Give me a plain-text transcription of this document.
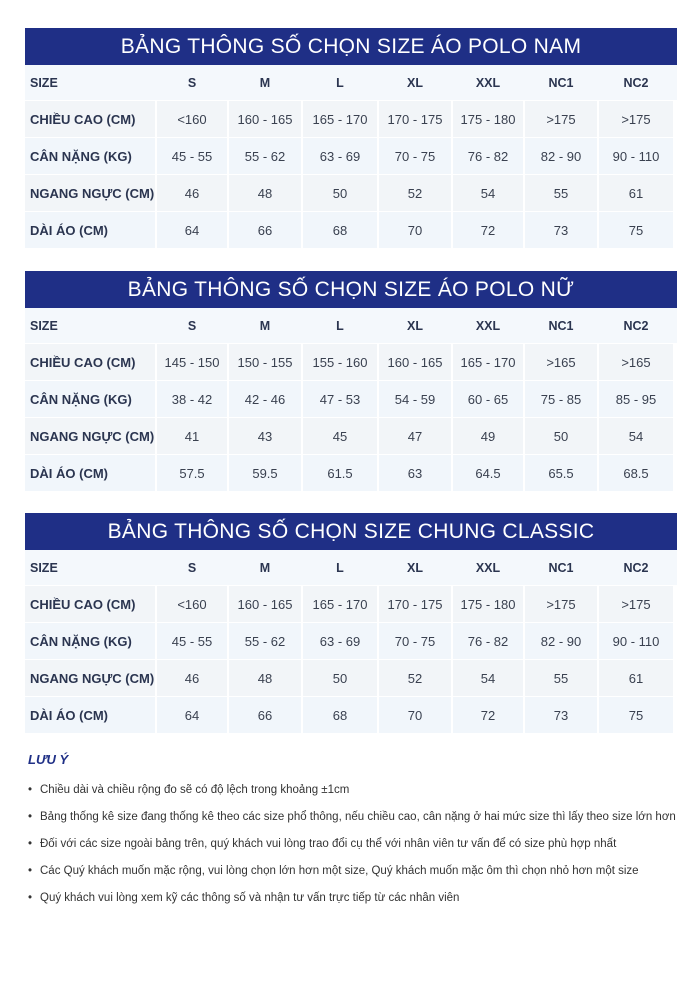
BẢNG THÔNG SỐ CHỌN SIZE ÁO POLO NAM
SIZE	S	M	L	XL	XXL	NC1	NC2
CHIỀU CAO (CM)	<160	160 - 165	165 - 170	170 - 175	175 - 180	>175	>175
CÂN NẶNG (KG)	45 - 55	55 - 62	63 - 69	70 - 75	76 - 82	82 - 90	90 - 110
NGANG NGỰC (CM)	46	48	50	52	54	55	61
DÀI ÁO (CM)	64	66	68	70	72	73	75
BẢNG THÔNG SỐ CHỌN SIZE ÁO POLO NỮ
SIZE	S	M	L	XL	XXL	NC1	NC2
CHIỀU CAO (CM)	145 - 150	150 - 155	155 - 160	160 - 165	165 - 170	>165	>165
CÂN NẶNG (KG)	38 - 42	42 - 46	47 - 53	54 - 59	60 - 65	75 - 85	85 - 95
NGANG NGỰC (CM)	41	43	45	47	49	50	54
DÀI ÁO (CM)	57.5	59.5	61.5	63	64.5	65.5	68.5
BẢNG THÔNG SỐ CHỌN SIZE CHUNG CLASSIC
SIZE	S	M	L	XL	XXL	NC1	NC2
CHIỀU CAO (CM)	<160	160 - 165	165 - 170	170 - 175	175 - 180	>175	>175
CÂN NẶNG (KG)	45 - 55	55 - 62	63 - 69	70 - 75	76 - 82	82 - 90	90 - 110
NGANG NGỰC (CM)	46	48	50	52	54	55	61
DÀI ÁO (CM)	64	66	68	70	72	73	75
LƯU Ý
• Chiều dài và chiều rộng đo sẽ có độ lệch trong khoảng ±1cm
• Bảng thống kê size đang thống kê theo các size phổ thông, nếu chiều cao, cân nặng ở hai mức size thì lấy theo size lớn hơn
• Đối với các size ngoài bảng trên, quý khách vui lòng trao đổi cụ thể với nhân viên tư vấn để có size phù hợp nhất
• Các Quý khách muốn mặc rộng, vui lòng chọn lớn hơn một size, Quý khách muốn mặc ôm thì chọn nhỏ hơn một size
• Quý khách vui lòng xem kỹ các thông số và nhận tư vấn trực tiếp từ các nhân viên
